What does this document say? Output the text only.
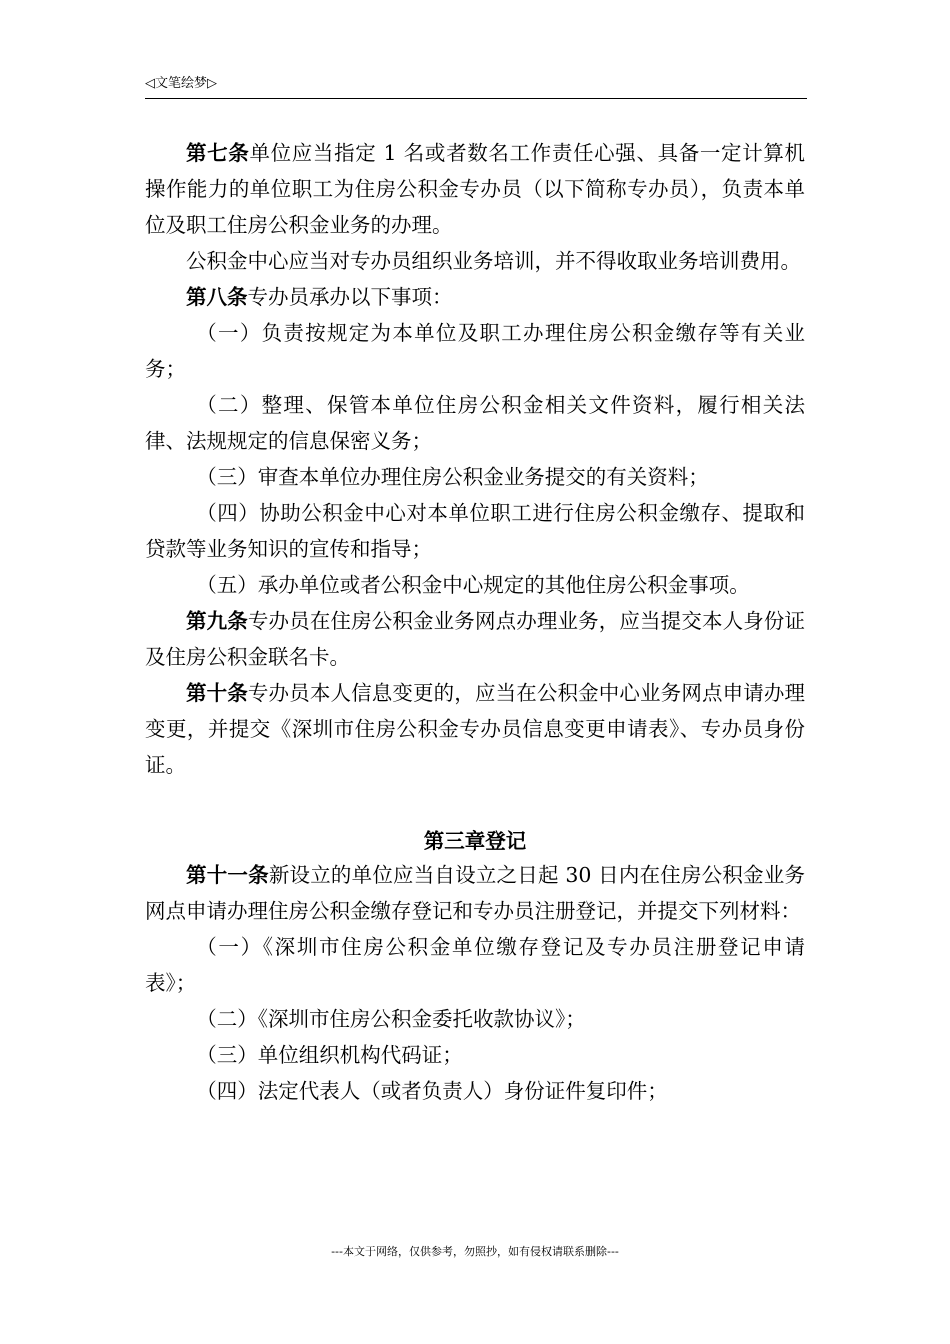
◁文笔绘梦▷

第七条单位应当指定 1 名或者数名工作责任心强、具备一定计算机操作能力的单位职工为住房公积金专办员（以下简称专办员），负责本单位及职工住房公积金业务的办理。

公积金中心应当对专办员组织业务培训，并不得收取业务培训费用。

第八条专办员承办以下事项：

（一）负责按规定为本单位及职工办理住房公积金缴存等有关业务；

（二）整理、保管本单位住房公积金相关文件资料，履行相关法律、法规规定的信息保密义务；

（三）审查本单位办理住房公积金业务提交的有关资料；

（四）协助公积金中心对本单位职工进行住房公积金缴存、提取和贷款等业务知识的宣传和指导；

（五）承办单位或者公积金中心规定的其他住房公积金事项。

第九条专办员在住房公积金业务网点办理业务，应当提交本人身份证及住房公积金联名卡。

第十条专办员本人信息变更的，应当在公积金中心业务网点申请办理变更，并提交《深圳市住房公积金专办员信息变更申请表》、专办员身份证。

第三章登记

第十一条新设立的单位应当自设立之日起 30 日内在住房公积金业务网点申请办理住房公积金缴存登记和专办员注册登记，并提交下列材料：

（一）《深圳市住房公积金单位缴存登记及专办员注册登记申请表》；

（二）《深圳市住房公积金委托收款协议》；

（三）单位组织机构代码证；

（四）法定代表人（或者负责人）身份证件复印件；

---本文于网络，仅供参考，勿照抄，如有侵权请联系删除---
